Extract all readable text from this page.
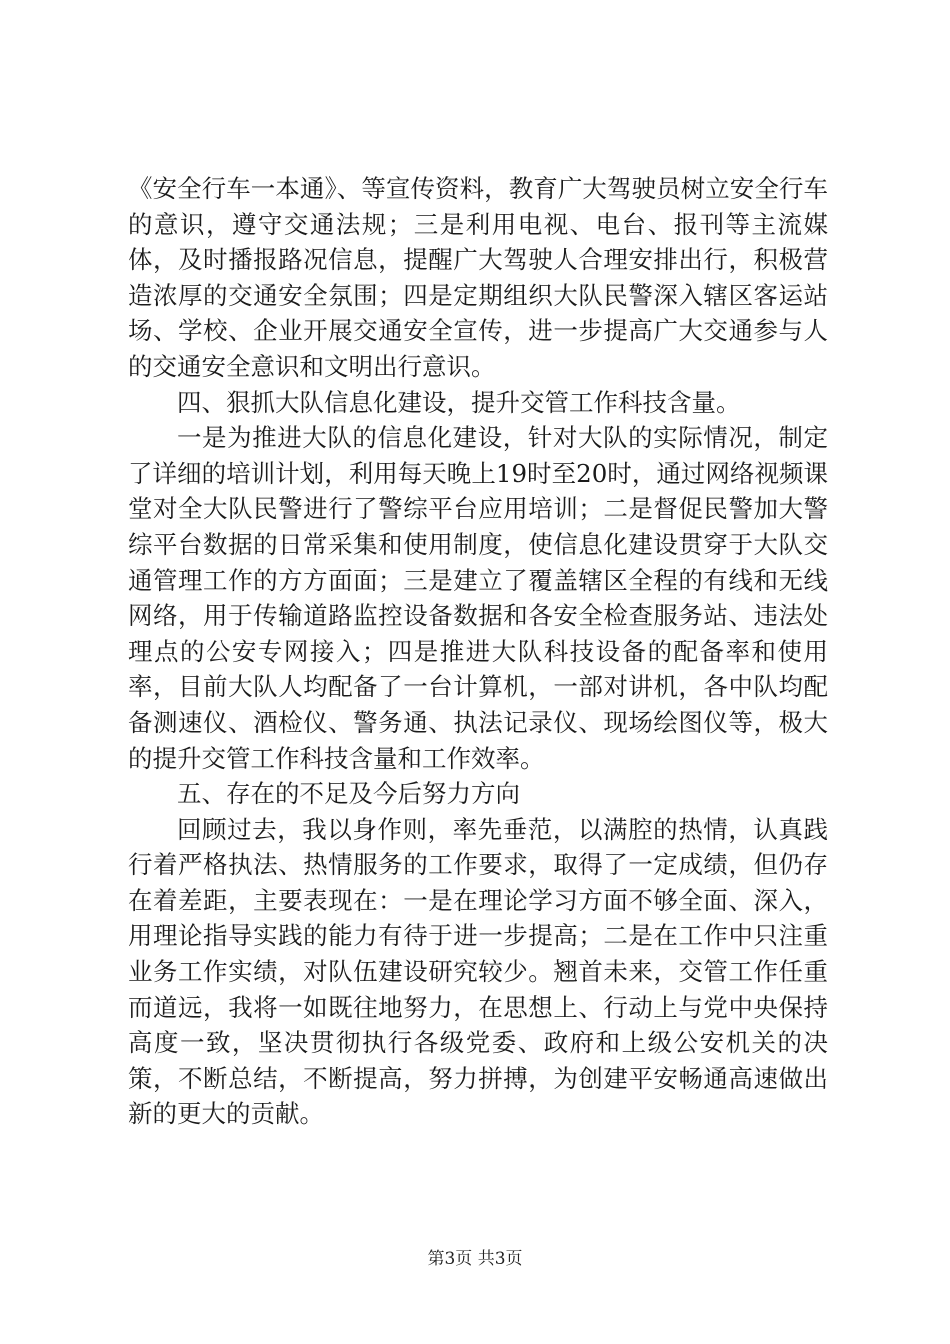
《安全行车一本通》、等宣传资料，教育广大驾驶员树立安全行车的意识，遵守交通法规；三是利用电视、电台、报刊等主流媒体，及时播报路况信息，提醒广大驾驶人合理安排出行，积极营造浓厚的交通安全氛围；四是定期组织大队民警深入辖区客运站场、学校、企业开展交通安全宣传，进一步提高广大交通参与人的交通安全意识和文明出行意识。

四、狠抓大队信息化建设，提升交管工作科技含量。

一是为推进大队的信息化建设，针对大队的实际情况，制定了详细的培训计划，利用每天晚上19时至20时，通过网络视频课堂对全大队民警进行了警综平台应用培训；二是督促民警加大警综平台数据的日常采集和使用制度，使信息化建设贯穿于大队交通管理工作的方方面面；三是建立了覆盖辖区全程的有线和无线网络，用于传输道路监控设备数据和各安全检查服务站、违法处理点的公安专网接入；四是推进大队科技设备的配备率和使用率，目前大队人均配备了一台计算机，一部对讲机，各中队均配备测速仪、酒检仪、警务通、执法记录仪、现场绘图仪等，极大的提升交管工作科技含量和工作效率。

五、存在的不足及今后努力方向

回顾过去，我以身作则，率先垂范，以满腔的热情，认真践行着严格执法、热情服务的工作要求，取得了一定成绩，但仍存在着差距，主要表现在：一是在理论学习方面不够全面、深入，用理论指导实践的能力有待于进一步提高；二是在工作中只注重业务工作实绩，对队伍建设研究较少。翘首未来，交管工作任重而道远，我将一如既往地努力，在思想上、行动上与党中央保持高度一致，坚决贯彻执行各级党委、政府和上级公安机关的决策，不断总结，不断提高，努力拼搏，为创建平安畅通高速做出新的更大的贡献。

第3页 共3页
